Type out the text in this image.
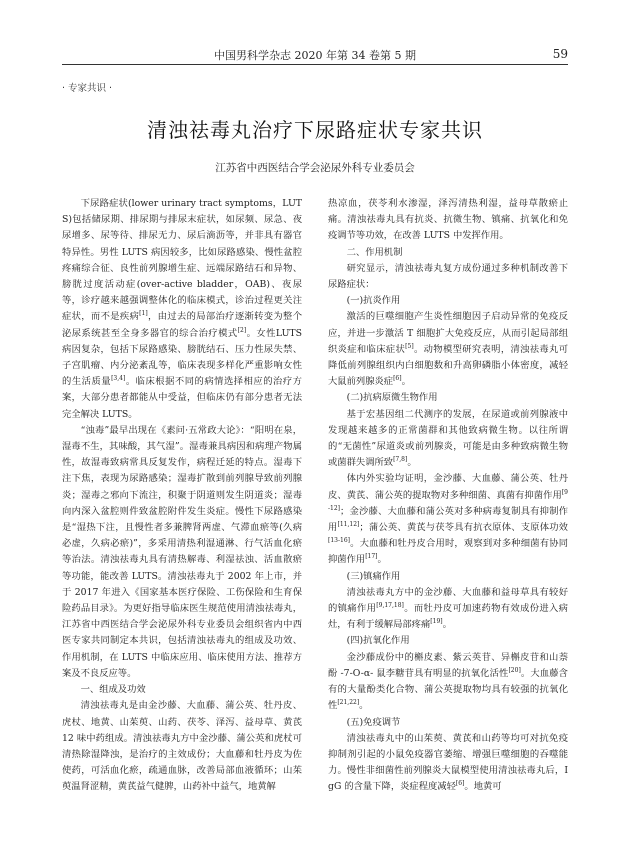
中国男科学杂志 2020 年第 34 卷第 5 期	59
· 专家共识 ·
清浊祛毒丸治疗下尿路症状专家共识
江苏省中西医结合学会泌尿外科专业委员会

下尿路症状(lower urinary tract symptoms，LUTS)包括储尿期、排尿期与排尿末症状，如尿频、尿急、夜尿增多、尿等待、排尿无力、尿后滴沥等，并非具有器官特异性。男性 LUTS 病因较多，比如尿路感染、慢性盆腔疼痛综合征、良性前列腺增生症、远端尿路结石和异物、膀胱过度活动症(over-active bladder，OAB)、夜尿等，诊疗越来越强调整体化的临床模式，诊治过程更关注症状，而不是疾病[1]，由过去的局部治疗逐渐转变为整个泌尿系统甚至全身多器官的综合治疗模式[2]。女性LUTS 病因复杂，包括下尿路感染、膀胱结石、压力性尿失禁、子宫肌瘤、内分泌紊乱等，临床表现多样化严重影响女性的生活质量[3,4]。临床根据不同的病情选择相应的治疗方案，大部分患者都能从中受益，但临床仍有部分患者无法完全解决 LUTS。

“浊毒”最早出现在《素问·五常政大论》：“阳明在泉，湿毒不生，其味酸，其气湿”。湿毒兼具病因和病理产物属性，故湿毒致病常具反复发作，病程迁延的特点。湿毒下注下焦，表现为尿路感染；湿毒扩散到前列腺导致前列腺炎；湿毒之邪向下流注，积聚于阴道则发生阴道炎；湿毒向内深入盆腔则件致盆腔附件发生炎症。慢性下尿路感染是“湿热下注，且慢性者多兼脾肾两虚、气滞血瘀等(久病必虚，久病必瘀)”，多采用清热利湿通淋、行气活血化瘀等治法。清浊祛毒丸具有清热解毒、利湿祛浊、活血散瘀等功能，能改善 LUTS。清浊祛毒丸于 2002 年上市，并于 2017 年进入《国家基本医疗保险、工伤保险和生育保险药品目录》。为更好指导临床医生规范使用清浊祛毒丸，江苏省中西医结合学会泌尿外科专业委员会组织省内中西医专家共同制定本共识，包括清浊祛毒丸的组成及功效、作用机制，在 LUTS 中临床应用、临床使用方法、推荐方案及不良反应等。

一、组成及功效

清浊祛毒丸是由金沙藤、大血藤、蒲公英、牡丹皮、虎杖、地黄、山茱萸、山药、茯苓、泽泻、益母草、黄芪 12 味中药组成。清浊祛毒丸方中金沙藤、蒲公英和虎杖可清热除湿降浊，是治疗的主效成份；大血藤和牡丹皮为佐使药，可活血化瘀，疏通血脉，改善局部血液循环；山茱萸温肾涩精，黄芪益气健脾，山药补中益气，地黄解

热凉血，茯苓利水渗湿，泽泻清热利湿，益母草散瘀止痛。清浊祛毒丸具有抗炎、抗微生物、镇痛、抗氧化和免疫调节等功效，在改善 LUTS 中发挥作用。

二、作用机制

研究显示，清浊祛毒丸复方成份通过多种机制改善下尿路症状：

(一)抗炎作用

激活的巨噬细胞产生炎性细胞因子启动异常的免疫反应，并进一步激活 T 细胞扩大免疫反应，从而引起局部组织炎症和临床症状[5]。动物模型研究表明，清浊祛毒丸可降低前列腺组织内白细胞数和升高卵磷脂小体密度，减轻大鼠前列腺炎症[6]。

(二)抗病原微生物作用

基于宏基因组二代测序的发展，在尿道或前列腺液中发现越来越多的正常菌群和其他致病微生物。以往所谓的“无菌性”尿道炎或前列腺炎，可能是由多种致病微生物或菌群失调所致[7,8]。

体内外实验均证明，金沙藤、大血藤、蒲公英、牡丹皮、黄芪、蒲公英的提取物对多种细菌、真菌有抑菌作用[9-12]；金沙藤、大血藤和蒲公英对多种病毒复制具有抑制作用[11,12]；蒲公英、黄芪与茯苓具有抗衣原体、支原体功效[13-16]。大血藤和牡丹皮合用时，观察到对多种细菌有协同抑菌作用[17]。

(三)镇痛作用

清浊祛毒丸方中的金沙藤、大血藤和益母草具有较好的镇痛作用[9,17,18]。而牡丹皮可加速药物有效成份进入病灶，有利于缓解局部疼痛[19]。

(四)抗氧化作用

金沙藤成份中的槲皮素、紫云英苷、异槲皮苷和山萘酚 -7-O-α- 鼠李糖苷具有明显的抗氧化活性[20]。大血藤含有的大量酚类化合物、蒲公英提取物均具有较强的抗氧化性[21,22]。

(五)免疫调节

清浊祛毒丸中的山茱萸、黄芪和山药等均可对抗免疫抑制剂引起的小鼠免疫器官萎缩、增强巨噬细胞的吞噬能力。慢性非细菌性前列腺炎大鼠模型使用清浊祛毒丸后，IgG 的含量下降，炎症程度减轻[6]。地黄可
